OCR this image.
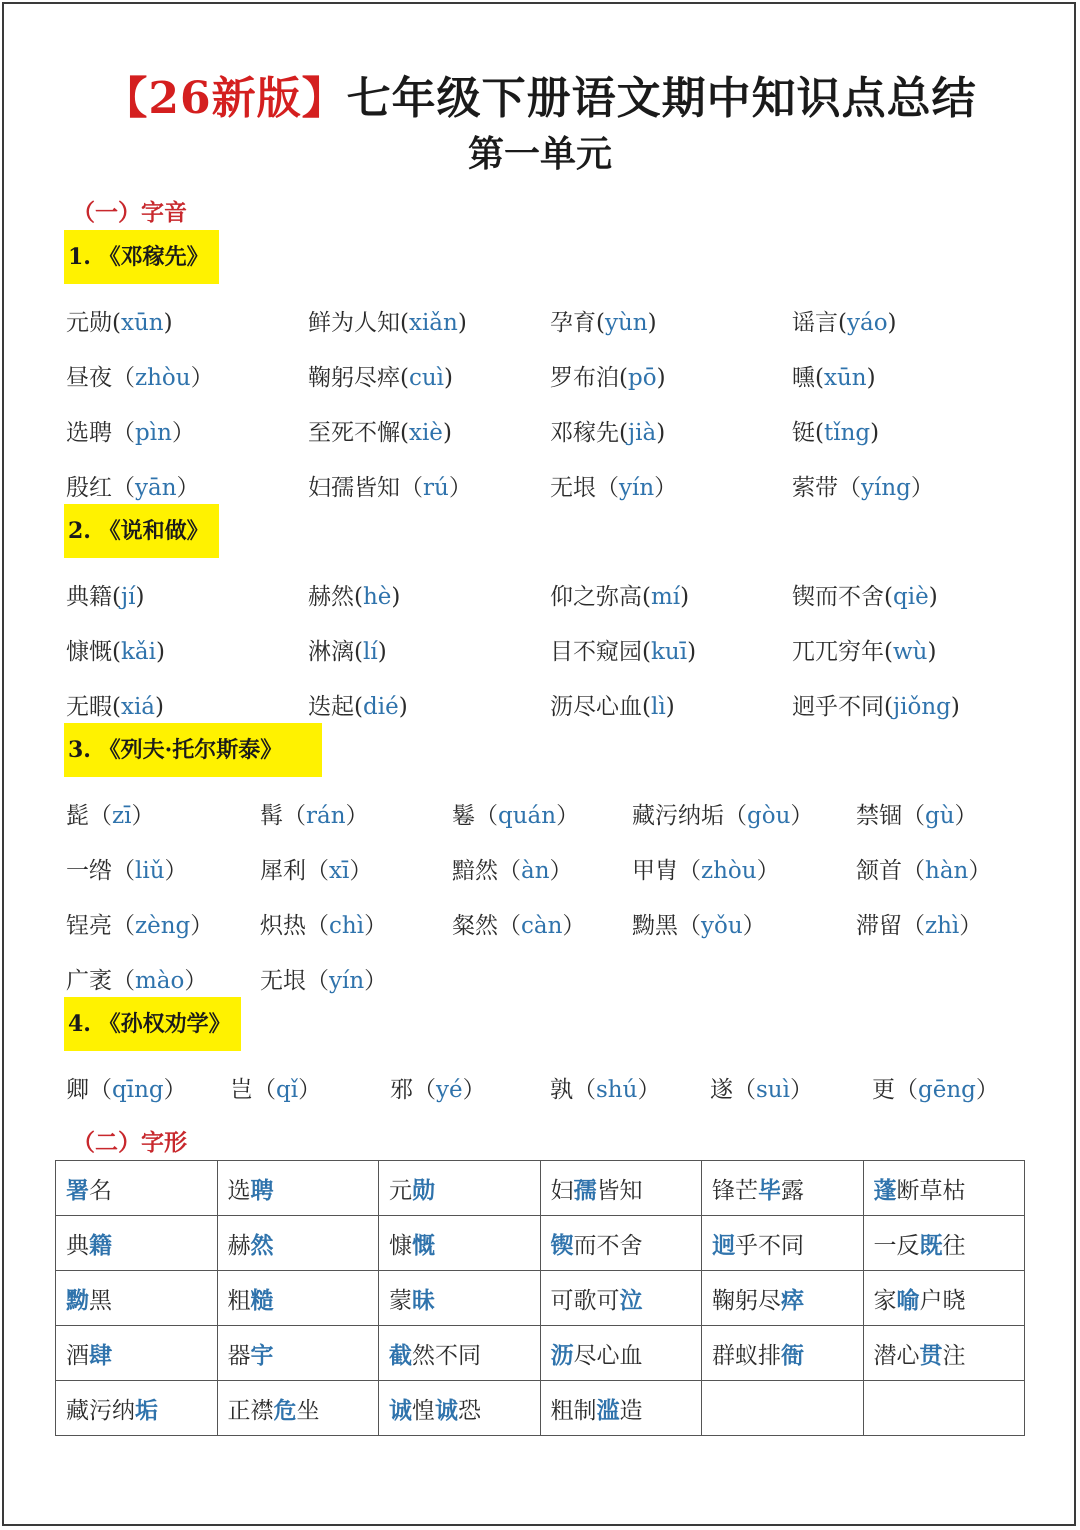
【26新版】七年级下册语文期中知识点总结
第一单元
（一）字音
1. 《邓稼先》
元勋(xūn)	鲜为人知(xiǎn)	孕育(yùn)	谣言(yáo)
昼夜（zhòu）	鞠躬尽瘁(cuì)	罗布泊(pō)	曛(xūn)
选聘（pìn）	至死不懈(xiè)	邓稼先(jià)	铤(tǐng)
殷红（yān）	妇孺皆知（rú）	无垠（yín）	萦带（yíng）
2. 《说和做》
典籍(jí)	赫然(hè)	仰之弥高(mí)	锲而不舍(qiè)
慷慨(kǎi)	淋漓(lí)	目不窥园(kuī)	兀兀穷年(wù)
无暇(xiá)	迭起(dié)	沥尽心血(lì)	迥乎不同(jiǒng)
3. 《列夫·托尔斯泰》
髭（zī）	髯（rán）	鬈（quán） 藏污纳垢（gòu） 禁锢（gù）
一绺（liǔ）	犀利（xī）	黯然（àn）	甲胄（zhòu）	颔首（hàn）
锃亮（zèng） 炽热（chì）	粲然（càn） 黝黑（yǒu）	滞留（zhì）
广袤（mào） 无垠（yín）
4. 《孙权劝学》
卿（qīng） 岂（qǐ）	邪（yé）	孰（shú） 遂（suì）	更（gēng）
（二）字形
署名	选聘	元勋	妇孺皆知	锋芒毕露	蓬断草枯
典籍	赫然	慷慨	锲而不舍	迥乎不同	一反既往
黝黑	粗糙	蒙昧	可歌可泣	鞠躬尽瘁	家喻户晓
酒肆	器宇	截然不同	沥尽心血	群蚁排衙	潜心贯注
藏污纳垢	正襟危坐	诚惶诚恐	粗制滥造		
